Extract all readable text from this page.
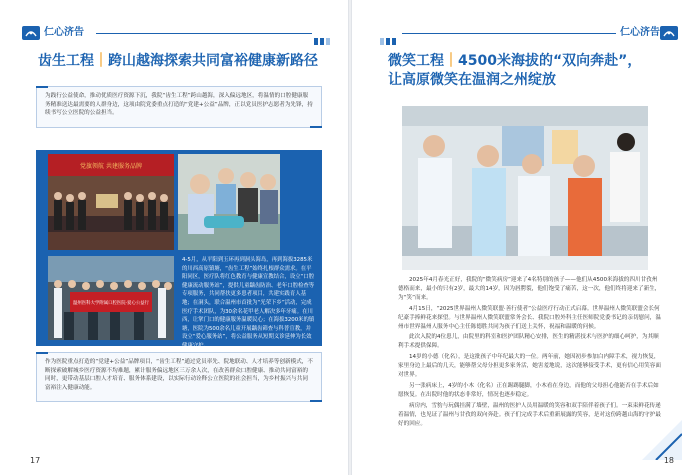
仁心济告
齿生工程｜跨山越海探索共同富裕健康新路径
为践行公益使命，推动优质医疗资源下沉，我院“齿生工程”跨山越海，深入偏远地区，将温情的口腔健康服务精准送达最需要的人群身边，这项由院党委重点打造的“党建+公益”品牌，正以党员医护志愿者为先锋，持续书写公立医院的公益担当。
党旗领航 共建服务品牌
温州医科大学附属口腔医院·爱心公益行
4-5月，从平阳到玉环再到洞头海岛，再到海拔3285米的川西高原镇塘，“齿生工程”始终扎根群众需求。在平阳同区，医疗队将红色教育与健康宣教结合，设立“口腔健康流动服务站”，提供儿童龋齿防治、老年口腔检查等专项服务，共同帮扶更多患者项目，共建实践育人基地；在洞头，联合温州市首批为“光荣下乡”活动，完成医疗手术团队，为30余名花甲老人解决多年牙痛。在川西，让掌门口的健康服务温暖民心；在海拔3200米的镇塘，医院为500余名儿童开展龋齿筛查与科普宣教，并设立“爱心服务站”，将公益服务从短期义诊延伸为长效健康守护。
作为医院重点打造的“党建+公益”品牌项目，“齿生工程”通过党员率先、院地联动、人才培养等创新模式，不断探索破解城乡医疗资源不均难题，累计服务偏远地区三万余人次，在改善群众口腔健康、推动共同富裕的同时，更带动基层口腔人才培育、服务体系建设，以实际行动诠释公立医院的社会担当，为乡村振兴与共同富裕注入健康动能。
17
仁心济告
微笑工程｜4500米海拔的“双向奔赴”，
让高原微笑在温润之州绽放

2025年4月春光正好，我院的“微笑病房”迎来了4名特别的孩子——他们从4500米海拔的四川甘孜州德格而来，最小的只有2岁，最大的14岁，因为唇腭裂，他们饱受了痛苦，这一次，他们终将迎来了新生，为“笑”而来。

4月15日，“2025世界温州人微笑联盟·善行使者”公益医疗行动正式启幕。世界温州人微笑联盟会长何纪豪手捧鲜花来探望。与世界温州人微笑联盟常务会长、我院口腔外科主任医师院党委书记的亲切慰问，温州市世界温州人服务中心主任陈德胜共同为孩子们送上关怀，祝福和温暖的问候。

此次入院的4位患儿，由院里的科室和医护团队精心安排，医生的精湛技术与医护的细心呵护，为其顺利手术提供保障。

14岁的小德（化名），是这批孩子中年纪最大的一位。两年前，她因初步参加白内障手术，视力恢复，家里身边上最后的几天，能够帮父母分担更多家务活，她害羞地说，这次能够接受手术，更有信心用笑容面对世界。

另一张病床上，4岁的小木（化名）正在踢踢腿脚，小木看在身边，而他的父母担心他能否在手术后如愿恢复。在出院时他的状态非常好，情况也逐步稳定。

病房内，雪豹与玩偶挂满了墙壁，温州的医护人员用温暖的笑容和双手陪伴着孩子们。一束束鲜花传递着温情，也见证了温州与甘孜的双向奔赴。孩子们完成手术后重新展露的笑容，是对这份跨越山海的守护最好的回应。

18
